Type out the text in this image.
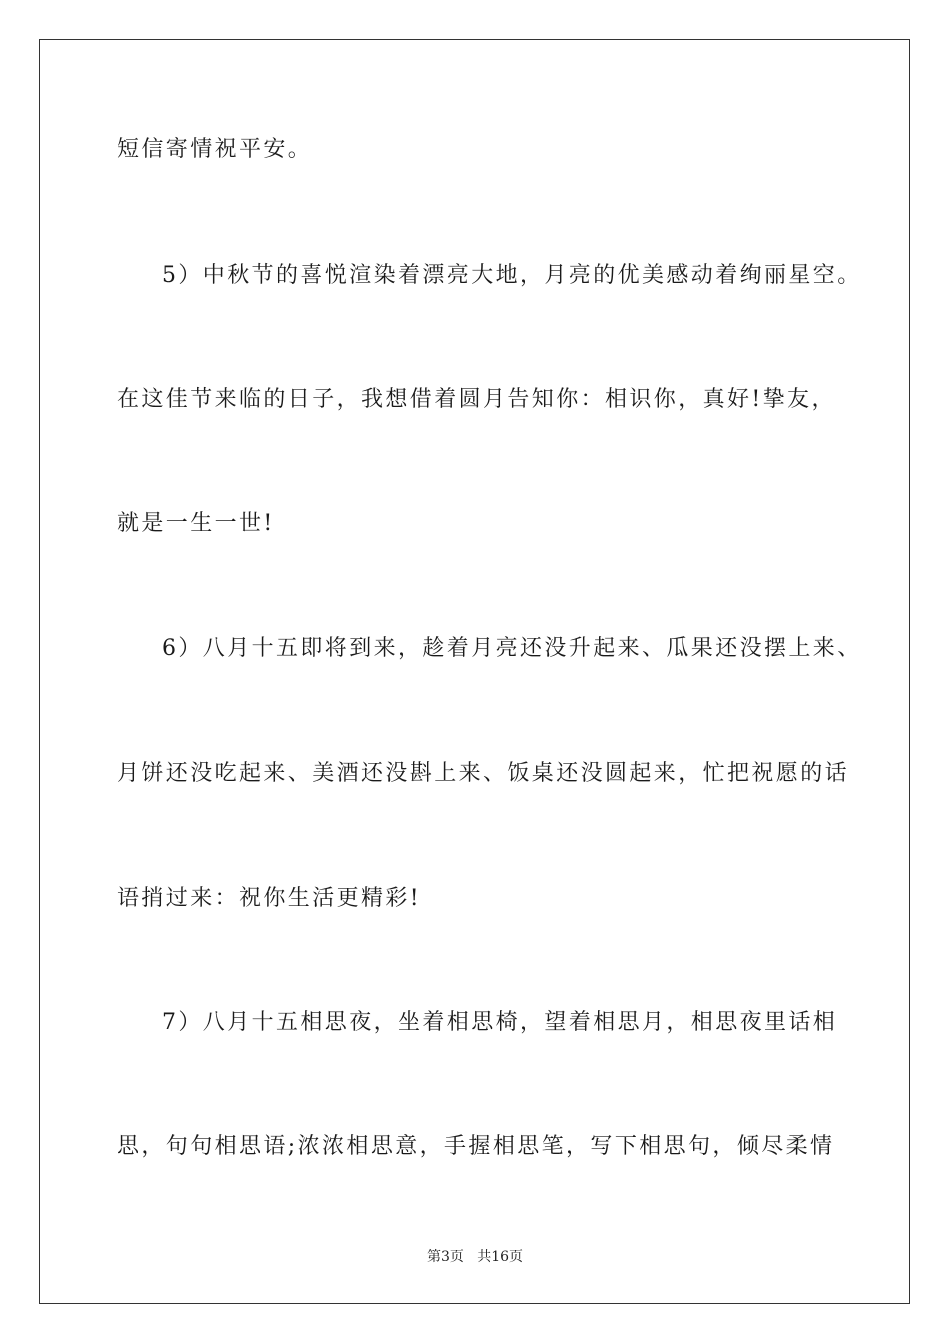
短信寄情祝平安。
5）中秋节的喜悦渲染着漂亮大地，月亮的优美感动着绚丽星空。
在这佳节来临的日子，我想借着圆月告知你：相识你，真好!挚友，
就是一生一世!
6）八月十五即将到来，趁着月亮还没升起来、瓜果还没摆上来、
月饼还没吃起来、美酒还没斟上来、饭桌还没圆起来，忙把祝愿的话
语捎过来：祝你生活更精彩!
7）八月十五相思夜，坐着相思椅，望着相思月，相思夜里话相
思，句句相思语;浓浓相思意，手握相思笔，写下相思句，倾尽柔情
第3页   共16页
